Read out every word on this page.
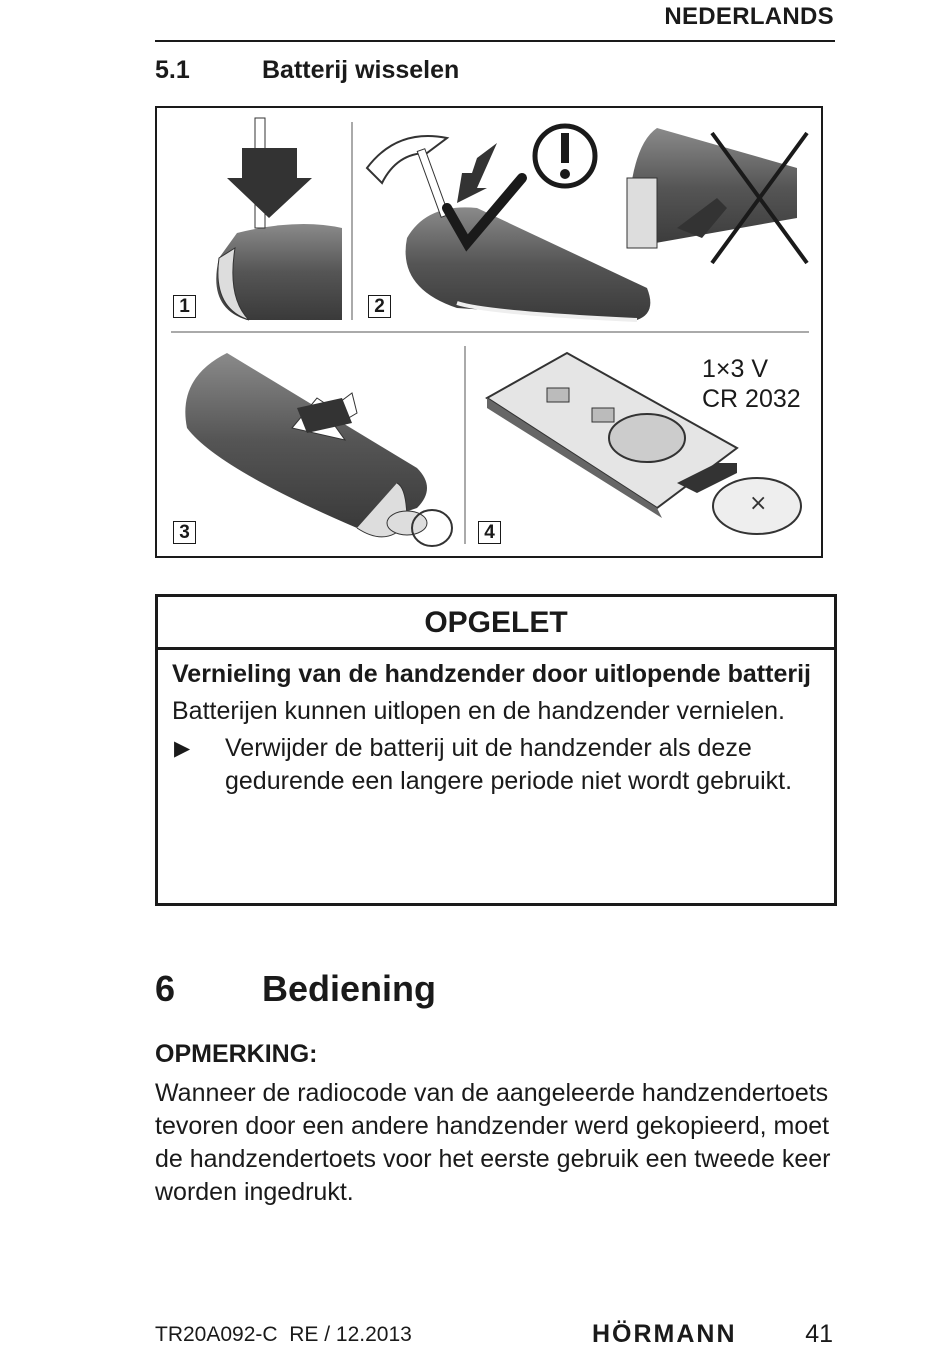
NEDERLANDS
5.1	Batterij wisselen
×
1	2
3	4
1×3 V
CR 2032
OPGELET
Vernieling van de handzender door uitlopende batterij
Batterijen kunnen uitlopen en de handzender vernielen.
▶ Verwijder de batterij uit de handzender als deze gedurende een langere periode niet wordt gebruikt.
6 Bediening
OPMERKING:
Wanneer de radiocode van de aangeleerde handzendertoets tevoren door een andere handzender werd gekopieerd, moet de handzendertoets voor het eerste gebruik een tweede keer worden ingedrukt.
TR20A092-C  RE / 12.2013	HÖRMANN	41
